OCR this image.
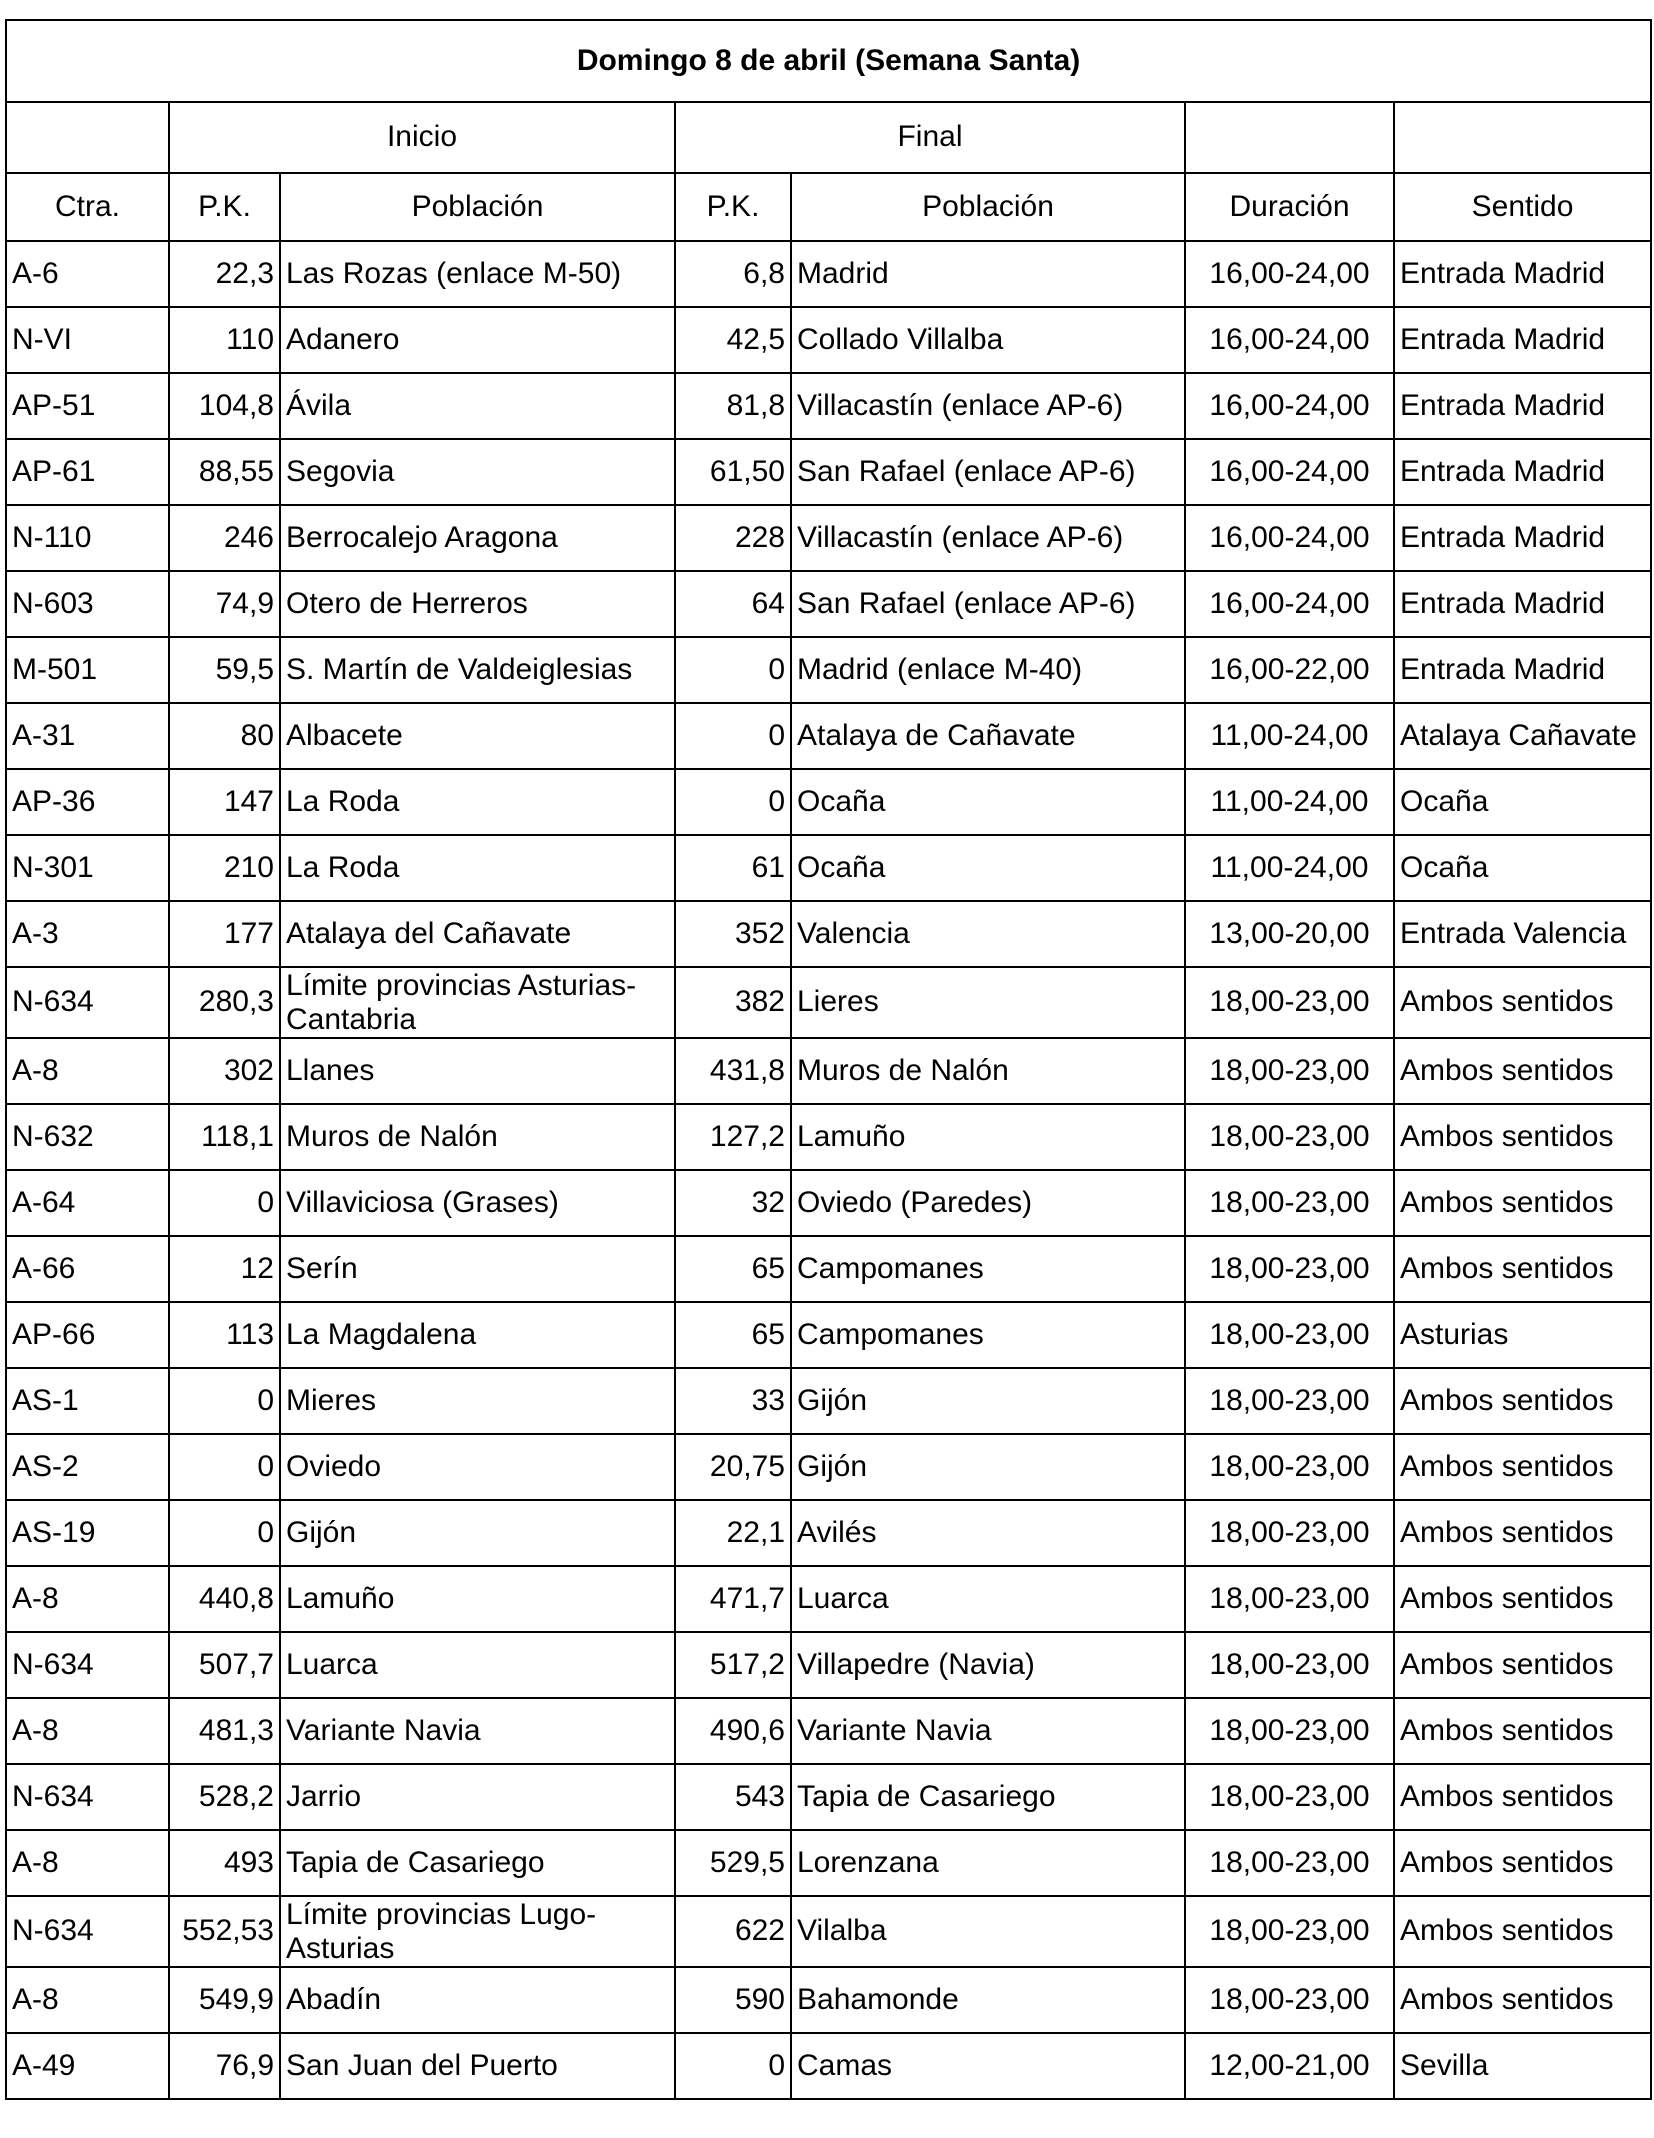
Domingo 8 de abril (Semana Santa)						
	Inicio		Final			
Ctra.	P.K.	Población	P.K.	Población	Duración	Sentido
A-6	22,3	Las Rozas (enlace M-50)	6,8	Madrid	16,00-24,00	Entrada Madrid
N-VI	110	Adanero	42,5	Collado Villalba	16,00-24,00	Entrada Madrid
AP-51	104,8	Ávila	81,8	Villacastín (enlace AP-6)	16,00-24,00	Entrada Madrid
AP-61	88,55	Segovia	61,50	San Rafael (enlace AP-6)	16,00-24,00	Entrada Madrid
N-110	246	Berrocalejo Aragona	228	Villacastín (enlace AP-6)	16,00-24,00	Entrada Madrid
N-603	74,9	Otero de Herreros	64	San Rafael (enlace AP-6)	16,00-24,00	Entrada Madrid
M-501	59,5	S. Martín de Valdeiglesias	0	Madrid (enlace M-40)	16,00-22,00	Entrada Madrid
A-31	80	Albacete	0	Atalaya de Cañavate	11,00-24,00	Atalaya Cañavate
AP-36	147	La Roda	0	Ocaña	11,00-24,00	Ocaña
N-301	210	La Roda	61	Ocaña	11,00-24,00	Ocaña
A-3	177	Atalaya del Cañavate	352	Valencia	13,00-20,00	Entrada Valencia
N-634	280,3	Límite provincias Asturias-Cantabria	382	Lieres	18,00-23,00	Ambos sentidos
A-8	302	Llanes	431,8	Muros de Nalón	18,00-23,00	Ambos sentidos
N-632	118,1	Muros de Nalón	127,2	Lamuño	18,00-23,00	Ambos sentidos
A-64	0	Villaviciosa (Grases)	32	Oviedo (Paredes)	18,00-23,00	Ambos sentidos
A-66	12	Serín	65	Campomanes	18,00-23,00	Ambos sentidos
AP-66	113	La Magdalena	65	Campomanes	18,00-23,00	Asturias
AS-1	0	Mieres	33	Gijón	18,00-23,00	Ambos sentidos
AS-2	0	Oviedo	20,75	Gijón	18,00-23,00	Ambos sentidos
AS-19	0	Gijón	22,1	Avilés	18,00-23,00	Ambos sentidos
A-8	440,8	Lamuño	471,7	Luarca	18,00-23,00	Ambos sentidos
N-634	507,7	Luarca	517,2	Villapedre (Navia)	18,00-23,00	Ambos sentidos
A-8	481,3	Variante Navia	490,6	Variante Navia	18,00-23,00	Ambos sentidos
N-634	528,2	Jarrio	543	Tapia de Casariego	18,00-23,00	Ambos sentidos
A-8	493	Tapia de Casariego	529,5	Lorenzana	18,00-23,00	Ambos sentidos
N-634	552,53	Límite provincias Lugo-Asturias	622	Vilalba	18,00-23,00	Ambos sentidos
A-8	549,9	Abadín	590	Bahamonde	18,00-23,00	Ambos sentidos
A-49	76,9	San Juan del Puerto	0	Camas	12,00-21,00	Sevilla
